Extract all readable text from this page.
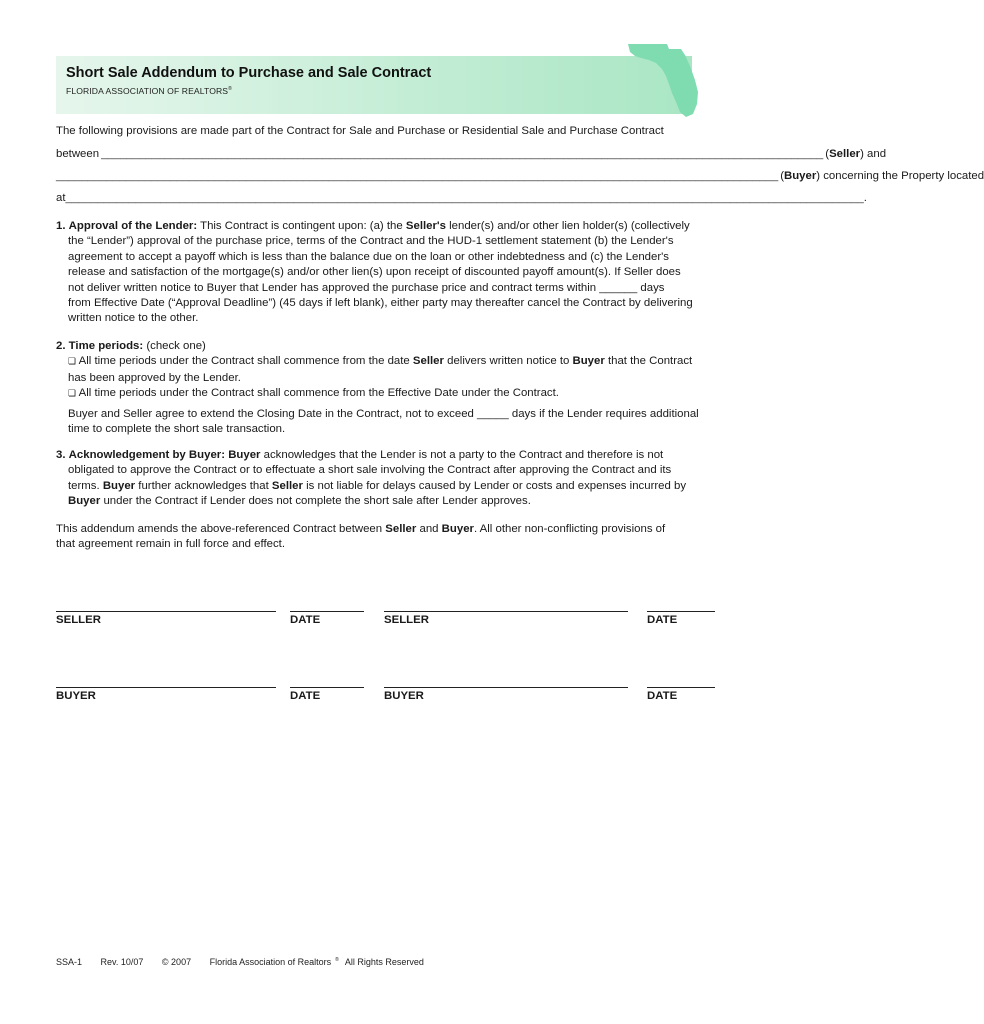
Short Sale Addendum to Purchase and Sale Contract
FLORIDA ASSOCIATION OF REALTORS®
The following provisions are made part of the Contract for Sale and Purchase or Residential Sale and Purchase Contract
between __________________________________________________________________________________________________________________ (Seller) and
__________________________________________________________________________________________________________________ (Buyer) concerning the Property located
at ______________________________________________________________________________________________________________________________ .
1. Approval of the Lender: This Contract is contingent upon: (a) the Seller's lender(s) and/or other lien holder(s) (collectively
the “Lender”) approval of the purchase price, terms of the Contract and the HUD-1 settlement statement (b) the Lender's
agreement to accept a payoff which is less than the balance due on the loan or other indebtedness and (c) the Lender's
release and satisfaction of the mortgage(s) and/or other lien(s) upon receipt of discounted payoff amount(s). If Seller does
not deliver written notice to Buyer that Lender has approved the purchase price and contract terms within ______ days
from Effective Date (“Approval Deadline”) (45 days if left blank), either party may thereafter cancel the Contract by delivering
written notice to the other.
2. Time periods: (check one)
❏ All time periods under the Contract shall commence from the date Seller delivers written notice to Buyer that the Contract
has been approved by the Lender.
❏ All time periods under the Contract shall commence from the Effective Date under the Contract.
Buyer and Seller agree to extend the Closing Date in the Contract, not to exceed _____ days if the Lender requires additional
time to complete the short sale transaction.
3. Acknowledgement by Buyer: Buyer acknowledges that the Lender is not a party to the Contract and therefore is not
obligated to approve the Contract or to effectuate a short sale involving the Contract after approving the Contract and its
terms. Buyer further acknowledges that Seller is not liable for delays caused by Lender or costs and expenses incurred by
Buyer under the Contract if Lender does not complete the short sale after Lender approves.
This addendum amends the above-referenced Contract between Seller and Buyer. All other non-conflicting provisions of
that agreement remain in full force and effect.
SELLER	DATE	SELLER	DATE
BUYER	DATE	BUYER	DATE
SSA-1 Rev. 10/07 © 2007 Florida Association of Realtors ® All Rights Reserved
